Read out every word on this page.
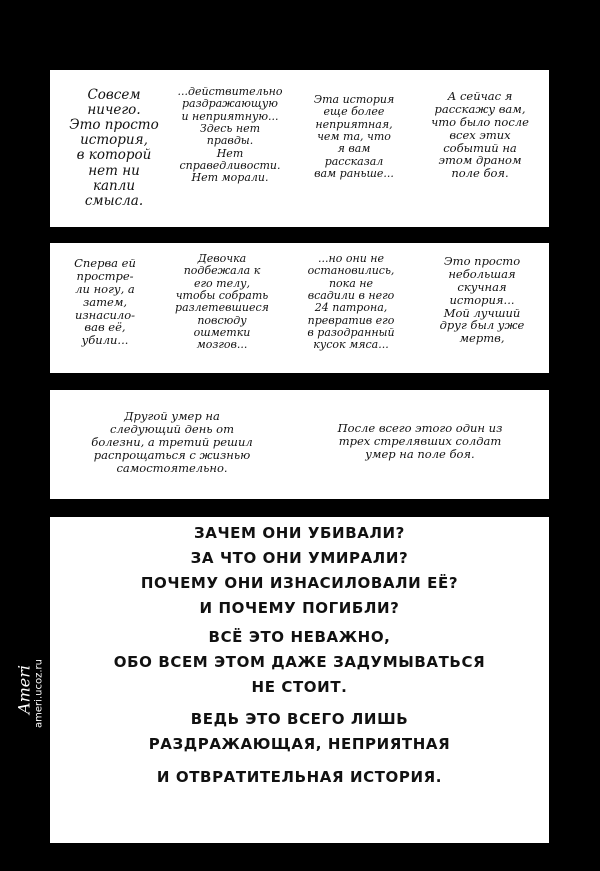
Совсем
ничего.
Это просто
история,
в которой
нет ни
капли
смысла.
...действительно
раздражающую
и неприятную...
Здесь нет
правды.
Нет
справедливости.
Нет морали.
Эта история
еще более
неприятная,
чем та, что
я вам
рассказал
вам раньше...
А сейчас я
расскажу вам,
что было после
всех этих
событий на
этом драном
поле боя.
Сперва ей
простре-
ли ногу, а
затем,
изнасило-
вав её,
убили...
Девочка
подбежала к
его телу,
чтобы собрать
разлетевшиеся
повсюду
ошметки
мозгов...
...но они не
остановились,
пока не
всадили в него
24 патрона,
превратив его
в разодранный
кусок мяса...
Это просто
небольшая
скучная
история...
Мой лучший
друг был уже
мертв,
Другой умер на
следующий день от
болезни, а третий решил
распрощаться с жизнью
самостоятельно.
После всего этого один из
трех стрелявших солдат
умер на поле боя.
ЗАЧЕМ ОНИ УБИВАЛИ?
ЗА ЧТО ОНИ УМИРАЛИ?
ПОЧЕМУ ОНИ ИЗНАСИЛОВАЛИ ЕЁ?
И ПОЧЕМУ ПОГИБЛИ?
ВСЁ ЭТО НЕВАЖНО,
ОБО ВСЕМ ЭТОМ ДАЖЕ ЗАДУМЫВАТЬСЯ
НЕ СТОИТ.
ВЕДЬ ЭТО ВСЕГО ЛИШЬ
РАЗДРАЖАЮЩАЯ, НЕПРИЯТНАЯ
И ОТВРАТИТЕЛЬНАЯ ИСТОРИЯ.
Ameri ameri.ucoz.ru
